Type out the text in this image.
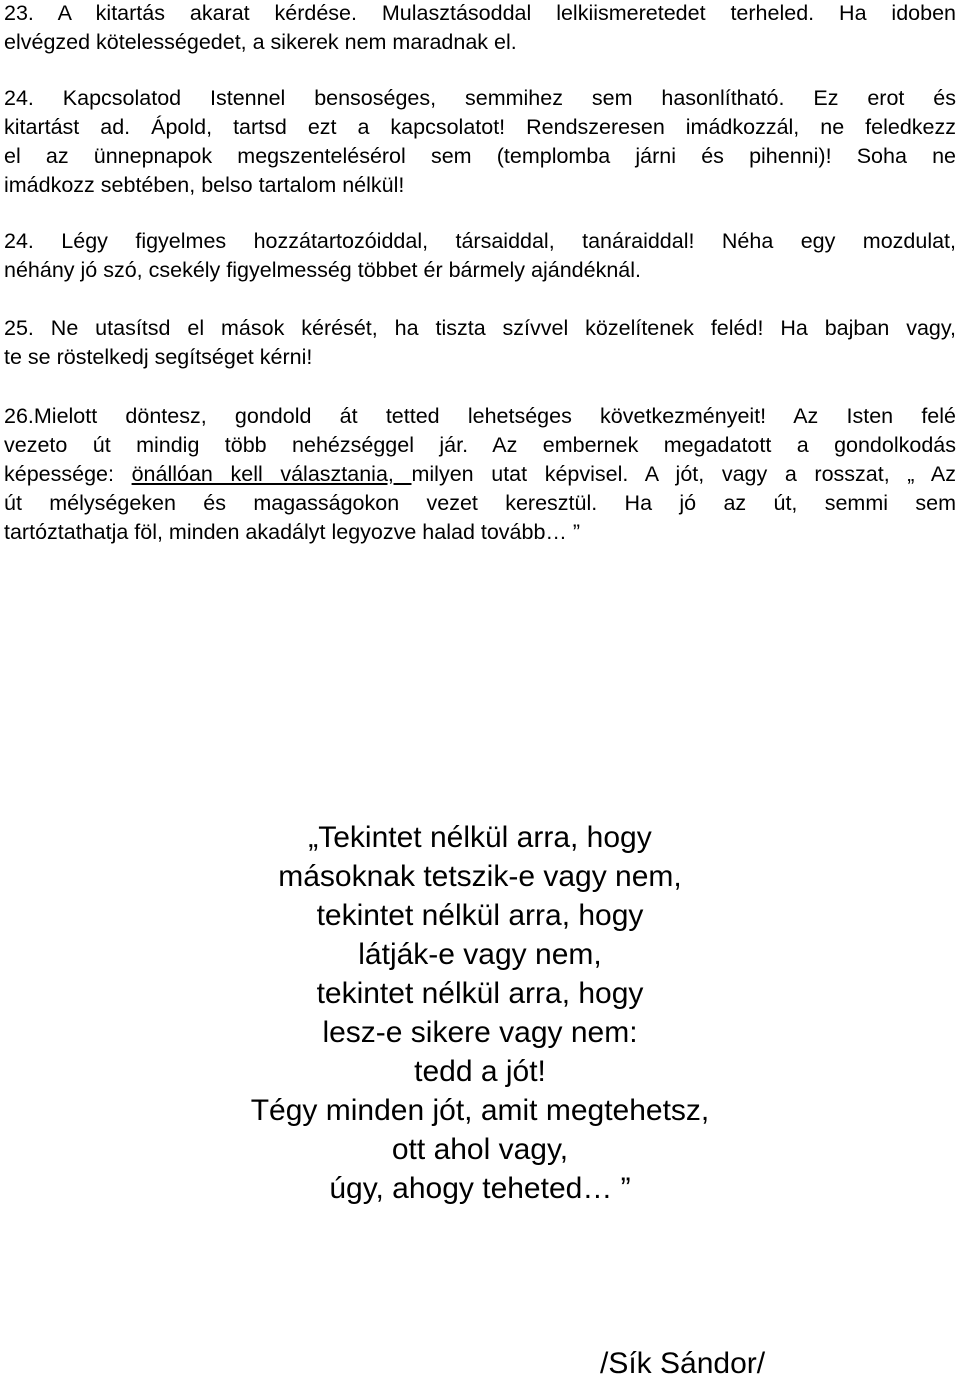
23. A kitartás akarat kérdése. Mulasztásoddal lelkiismeretedet terheled. Ha idoben
elvégzed kötelességedet, a sikerek nem maradnak el.

24. Kapcsolatod Istennel bensoséges, semmihez sem hasonlítható. Ez erot és
kitartást ad. Ápold, tartsd ezt a kapcsolatot! Rendszeresen imádkozzál, ne feledkezz
el az ünnepnapok megszentelésérol sem (templomba járni és pihenni)! Soha ne
imádkozz sebtében, belso tartalom nélkül!

24. Légy figyelmes hozzátartozóiddal, társaiddal, tanáraiddal! Néha egy mozdulat,
néhány jó szó, csekély figyelmesség többet ér bármely ajándéknál.

25. Ne utasítsd el mások kérését, ha tiszta szívvel közelítenek feléd! Ha bajban vagy,
te se röstelkedj segítséget kérni!

26.Mielott döntesz, gondold át tetted lehetséges következményeit! Az Isten felé
vezeto út mindig több nehézséggel jár. Az embernek megadatott a gondolkodás
képessége: önállóan kell választania, milyen utat képvisel. A jót, vagy a rosszat, „ Az
út mélységeken és magasságokon vezet keresztül. Ha jó az út, semmi sem
tartóztathatja föl, minden akadályt legyozve halad tovább… ”

„Tekintet nélkül arra, hogy
másoknak tetszik-e vagy nem,
tekintet nélkül arra, hogy
látják-e vagy nem,
tekintet nélkül arra, hogy
lesz-e sikere vagy nem:
tedd a jót!
Tégy minden jót, amit megtehetsz,
ott ahol vagy,
úgy, ahogy teheted… ”
/Sík Sándor/
